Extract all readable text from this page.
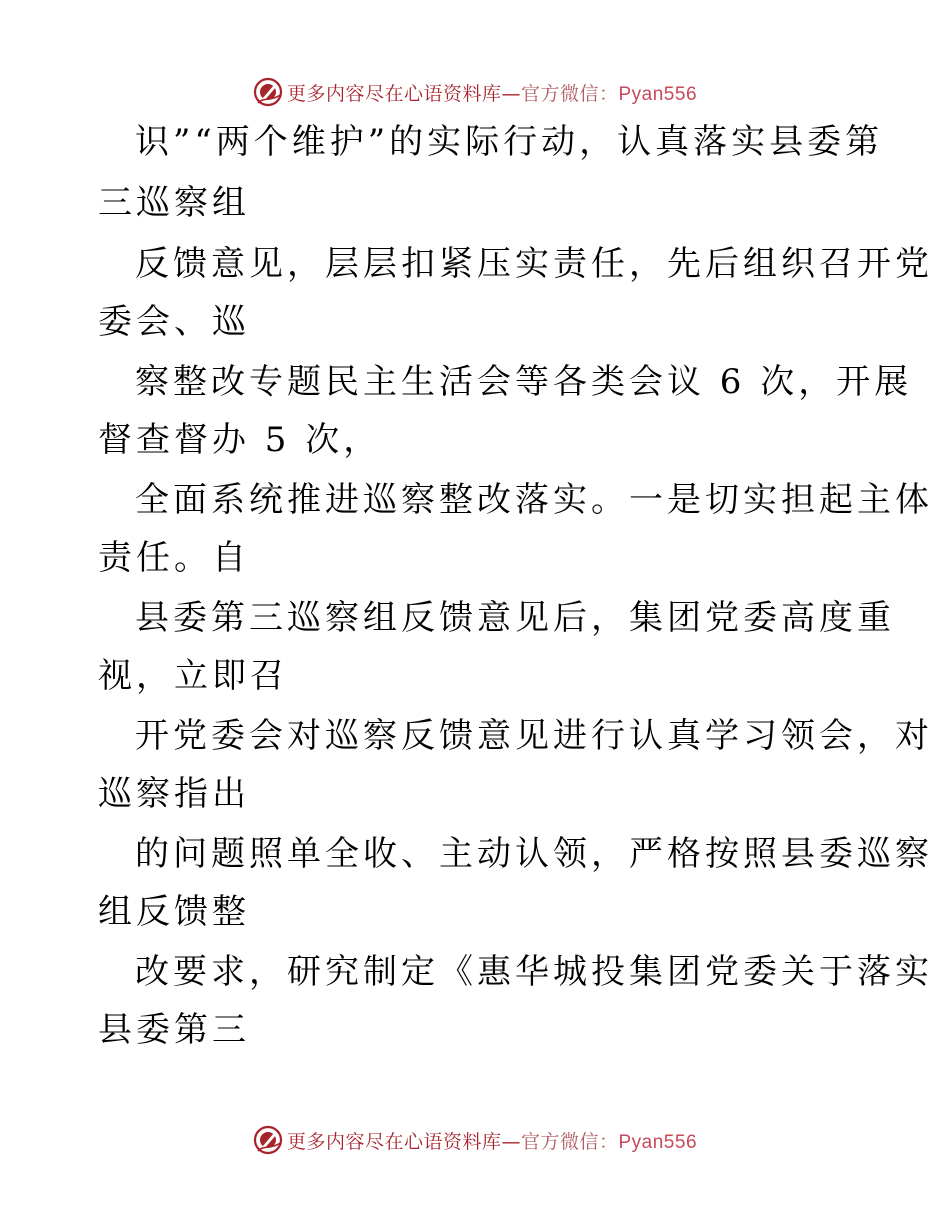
更多内容尽在心语资料库—官方微信：Pyan556
识”“两个维护”的实际行动，认真落实县委第
三巡察组
反馈意见，层层扣紧压实责任，先后组织召开党
委会、巡
察整改专题民主生活会等各类会议 6 次，开展
督查督办 5 次，
全面系统推进巡察整改落实。一是切实担起主体
责任。自
县委第三巡察组反馈意见后，集团党委高度重
视，立即召
开党委会对巡察反馈意见进行认真学习领会，对
巡察指出
的问题照单全收、主动认领，严格按照县委巡察
组反馈整
改要求，研究制定《惠华城投集团党委关于落实
县委第三
更多内容尽在心语资料库—官方微信：Pyan556
